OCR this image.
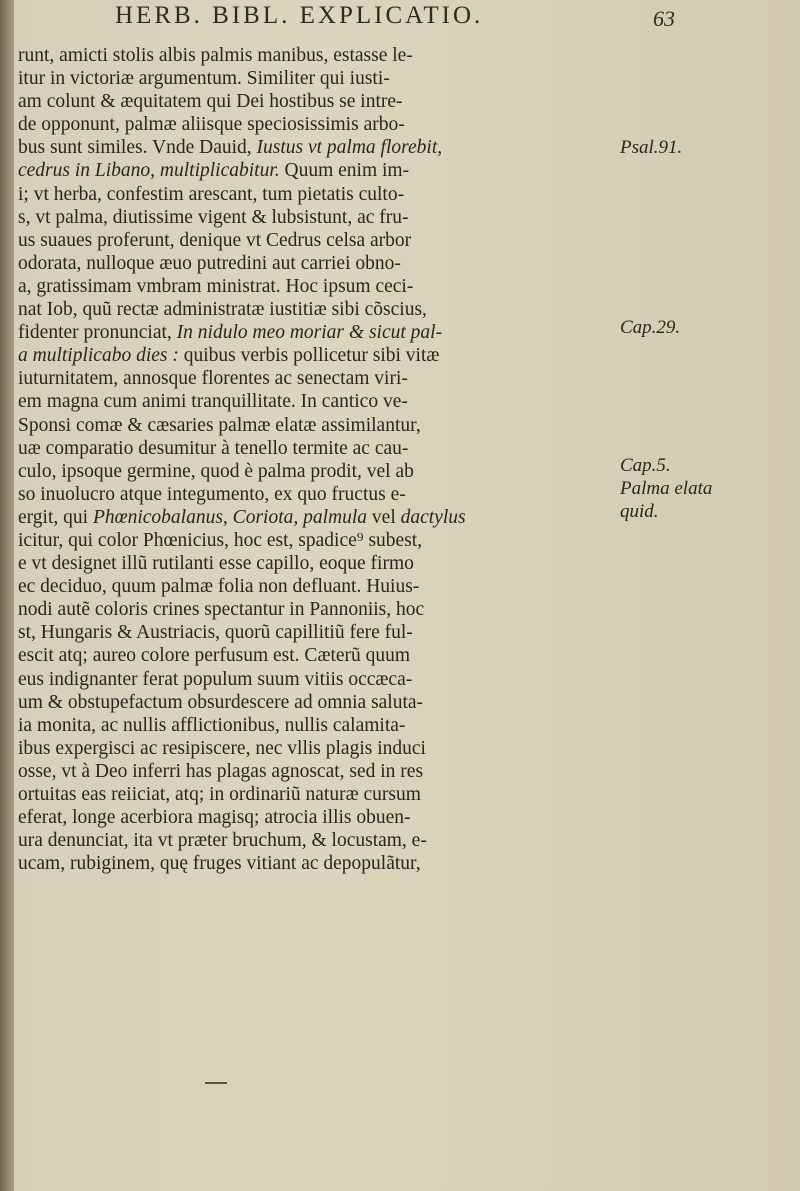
HERB. BIBL. EXPLICATIO.	63
runt, amicti stolis albis palmis manibus, estasse le-
itur in victoriæ argumentum. Similiter qui iusti-
am colunt & æquitatem qui Dei hostibus se intre-
de opponunt, palmæ aliisque speciosissimis arbo-
bus sunt similes. Vnde Dauid, Iustus vt palma florebit,
cedrus in Libano, multiplicabitur. Quum enim im-
i; vt herba, confestim arescant, tum pietatis culto-
s, vt palma, diutissime vigent & lubsistunt, ac fru-
us suaues proferunt, denique vt Cedrus celsa arbor
odorata, nulloque æuo putredini aut carriei obno-
a, gratissimam vmbram ministrat. Hoc ipsum ceci-
nat Iob, quũ rectæ administratæ iustitiæ sibi cõscius,
fidenter pronunciat, In nidulo meo moriar & sicut pal-
a multiplicabo dies : quibus verbis pollicetur sibi vitæ
iuturnitatem, annosque florentes ac senectam viri-
em magna cum animi tranquillitate. In cantico ve-
Sponsi comæ & cæsaries palmæ elatæ assimilantur,
uæ comparatio desumitur à tenello termite ac cau-
culo, ipsoque germine, quod è palma prodit, vel ab
so inuolucro atque integumento, ex quo fructus e-
ergit, qui Phœnicobalanus, Coriota, palmula vel dactylus
icitur, qui color Phœnicius, hoc est, spadice⁹ subest,
e vt designet illũ rutilanti esse capillo, eoque firmo
ec deciduo, quum palmæ folia non defluant. Huius-
nodi autẽ coloris crines spectantur in Pannoniis, hoc
st, Hungaris & Austriacis, quorũ capillitiũ fere ful-
escit atq; aureo colore perfusum est. Cæterũ quum
eus indignanter ferat populum suum vitiis occæca-
um & obstupefactum obsurdescere ad omnia saluta-
ia monita, ac nullis afflictionibus, nullis calamita-
ibus expergisci ac resipiscere, nec vllis plagis induci
osse, vt à Deo inferri has plagas agnoscat, sed in res
ortuitas eas reiiciat, atq; in ordinariũ naturæ cursum
eferat, longe acerbiora magisq; atrocia illis obuen-
ura denunciat, ita vt præter bruchum, & locustam, e-
ucam, rubiginem, quę fruges vitiant ac depopulãtur,
Psal.91.
Cap.29.
Cap.5.
Palma elata
quid.
